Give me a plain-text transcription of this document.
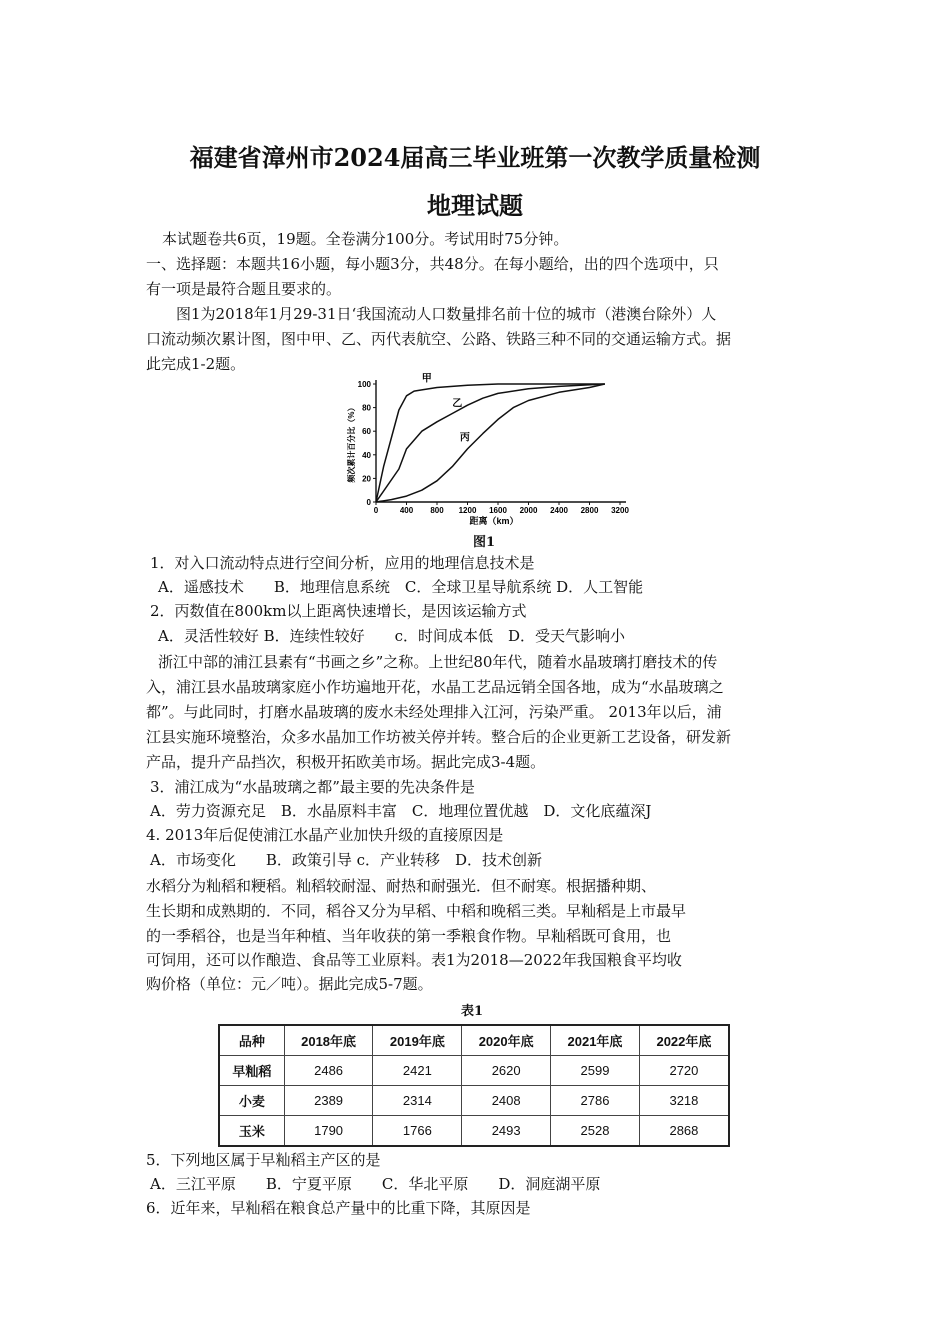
福建省漳州市2024届高三毕业班第一次教学质量检测
地理试题
本试题卷共6页，19题。全卷满分100分。考试用时75分钟。
一、选择题：本题共16小题，每小题3分，共48分。在每小题给，出的四个选项中，只
有一项是最符合题且要求的。
图1为2018年1月29-31日‘我国流动人口数量排名前十位的城市（港澳台除外）人
口流动频次累计图，图中甲、乙、丙代表航空、公路、铁路三种不同的交通运输方式。据
此完成1-2题。
0
20
40
60
80
100
0	400 800 1200 1600 2000 2400 2800 3200
距离（km）
频次累计百分比（%）
甲
乙
丙
图1
1．对入口流动特点进行空间分析，应用的地理信息技术是
A．遥感技术　　B．地理信息系统　C．全球卫星导航系统 D．人工智能
2．丙数值在800km以上距离快速增长，是因该运输方式
A．灵活性较好 B．连续性较好　　c．时间成本低　D．受天气影响小
浙江中部的浦江县素有“书画之乡”之称。上世纪80年代，随着水晶玻璃打磨技术的传
入，浦江县水晶玻璃家庭小作坊遍地开花，水晶工艺品远销全国各地，成为“水晶玻璃之
都”。与此同时，打磨水晶玻璃的废水未经处理排入江河，污染严重。 2013年以后，浦
江县实施环境整治，众多水晶加工作坊被关停并转。整合后的企业更新工艺设备，研发新
产品，提升产品挡次，积极开拓欧美市场。据此完成3-4题。
3．浦江成为“水晶玻璃之都”最主要的先决条件是
A．劳力资源充足　B．水晶原料丰富　C．地理位置优越　D．文化底蕴深J
4. 2013年后促使浦江水晶产业加快升级的直接原因是
A．市场变化　　B．政策引导 c．产业转移　D．技术创新
水稻分为籼稻和粳稻。籼稻较耐湿、耐热和耐强光．但不耐寒。根据播种期、
生长期和成熟期的．不同，稻谷又分为早稻、中稻和晚稻三类。早籼稻是上市最早
的一季稻谷，也是当年种植、当年收获的第一季粮食作物。早籼稻既可食用，也
可饲用，还可以作酿造、食品等工业原料。表1为2018—2022年我国粮食平均收
购价格（单位：元／吨）。据此完成5-7题。
表1
品种	2018年底	2019年底	2020年底	2021年底	2022年底
早籼稻	2486	2421	2620	2599	2720
小麦	2389	2314	2408	2786	3218
玉米	1790	1766	2493	2528	2868
5．下列地区属于早籼稻主产区的是
A．三江平原　　B．宁夏平原　　C．华北平原　　D．洞庭湖平原
6．近年来，早籼稻在粮食总产量中的比重下降，其原因是
